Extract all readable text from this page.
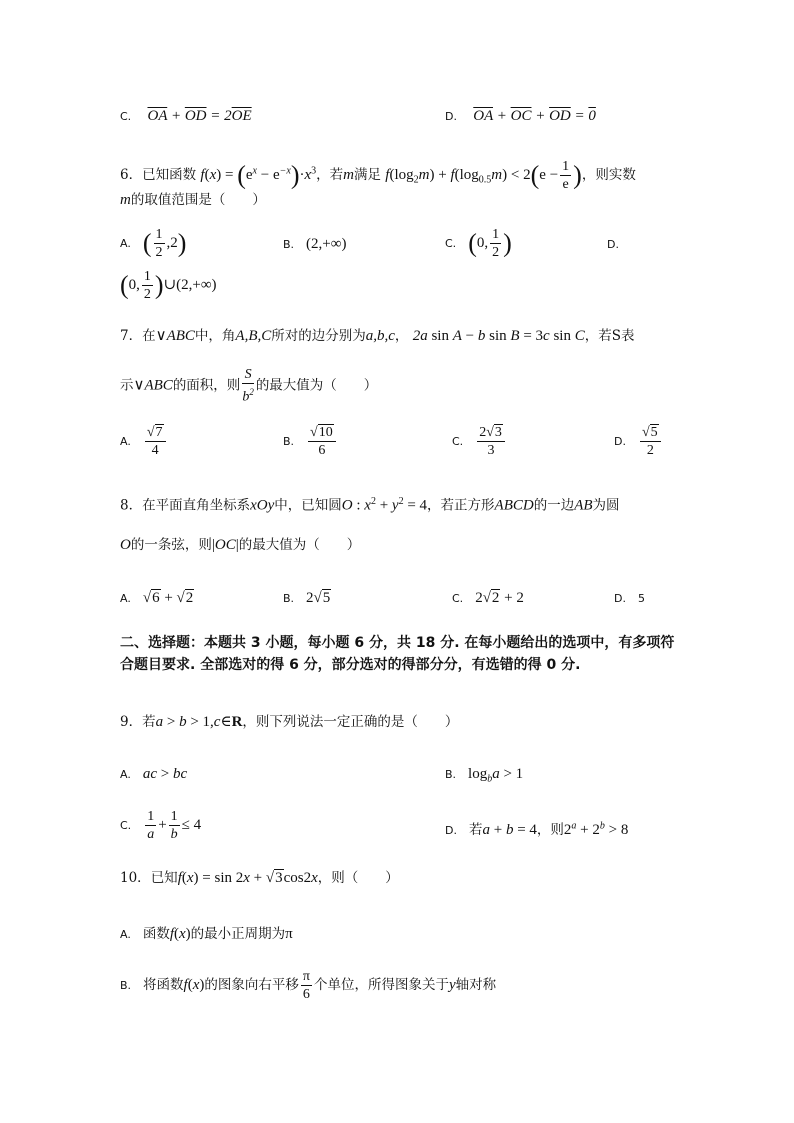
C. $\overline{OA} + \overline{OD} = 2\overline{OE}$	D. $\overline{OA} + \overline{OC} + \overline{OD} = 0$
6．已知函数 $f(x) = (e^x - e^{-x})\cdot x^3$，若m满足 $f(\log_2m) + f(\log_{0.5}m) < 2(e - \frac{1}{e}$ )，则实数
m的取值范围是（　　）
A. ( $\frac{1}{2} ,2$)	B. (2,+∞)	C. (0, $\frac{1}{2}$ )	D.
(0, $\frac{1}{2}$ )∪(2,+∞)
7．在∨ABC中，角A,B,C所对的边分别为a,b,c， 2a sin A − b sin B = 3c sin C，若S表
示∨ABC的面积，则 $\frac{S}{b^2}$ 的最大值为（　　）
A. $\frac{√7}{4}$	B. $\frac{√10}{6}$	C. $\frac{2√3}{3}$	D. $\frac{√5}{2}$
8．在平面直角坐标系xOy中，已知圆O : $x^2 + y^2 = 4$，若正方形ABCD的一边AB为圆
O的一条弦，则|OC|的最大值为（　　）
A. √6 + √2	B. 2√5	C. 2√2 + 2	D. 5
二、选择题：本题共 3 小题，每小题 6 分，共 18 分. 在每小题给出的选项中，有多项符合题目要求. 全部选对的得 6 分，部分选对的得部分分，有选错的得 0 分.
9．若a > b > 1,c∈R，则下列说法一定正确的是（　　）
A. ac > bc	B. $\log_ba > 1$
C. $\frac{1}{a} + \frac{1}{b} \le 4$	D. 若a + b = 4，则$2^a + 2^b > 8$
10．已知f(x) = sin 2x + √3cos2x，则（　　）
A. 函数f(x)的最小正周期为π
B. 将函数f(x)的图象向右平移 $\frac{\pi}{6}$ 个单位，所得图象关于y轴对称
